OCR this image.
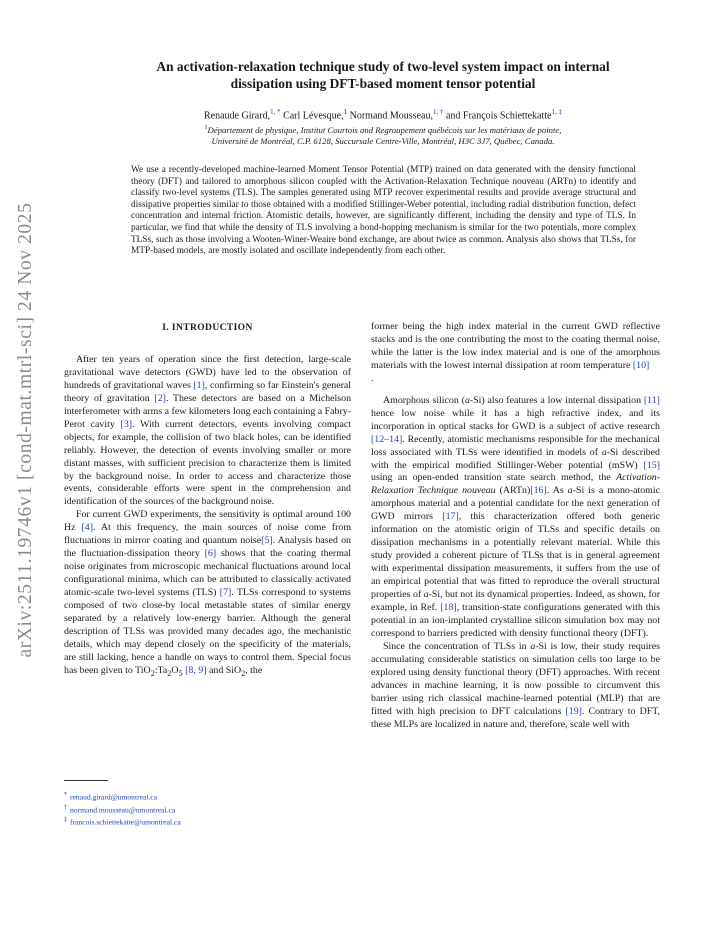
arXiv:2511.19746v1 [cond-mat.mtrl-sci] 24 Nov 2025
An activation-relaxation technique study of two-level system impact on internal
dissipation using DFT-based moment tensor potential
Renaude Girard,$^{1, *}$ Carl Lévesque,$^1$ Normand Mousseau,$^{1, \dagger}$ and François Schiettekatte$^{1, \ddagger}$
$^1$Département de physique, Institut Courtois and Regroupement québécois sur les matériaux de pointe,
Université de Montréal, C.P. 6128, Succursale Centre-Ville, Montréal, H3C 3J7, Québec, Canada.
We use a recently-developed machine-learned Moment Tensor Potential (MTP) trained on data generated with the density functional theory (DFT) and tailored to amorphous silicon coupled with the Activation-Relaxation Technique nouveau (ARTn) to identify and classify two-level systems (TLS). The samples generated using MTP recover experimental results and provide average structural and dissipative properties similar to those obtained with a modified Stillinger-Weber potential, including radial distribution function, defect concentration and internal friction. Atomistic details, however, are significantly different, including the density and type of TLS. In particular, we find that while the density of TLS involving a bond-hopping mechanism is similar for the two potentials, more complex TLSs, such as those involving a Wooten-Winer-Weaire bond exchange, are about twice as common. Analysis also shows that TLSs, for MTP-based models, are mostly isolated and oscillate independently from each other.
I. INTRODUCTION

After ten years of operation since the first detection, large-scale gravitational wave detectors (GWD) have led to the observation of hundreds of gravitational waves [1], confirming so far Einstein's general theory of gravitation [2]. These detectors are based on a Michelson interferometer with arms a few kilometers long each containing a Fabry-Perot cavity [3]. With current detectors, events involving compact objects, for example, the collision of two black holes, can be identified reliably. However, the detection of events involving smaller or more distant masses, with sufficient precision to characterize them is limited by the background noise. In order to access and characterize those events, considerable efforts were spent in the comprehension and identification of the sources of the background noise.

For current GWD experiments, the sensitivity is optimal around 100 Hz [4]. At this frequency, the main sources of noise come from fluctuations in mirror coating and quantum noise[5]. Analysis based on the fluctuation-dissipation theory [6] shows that the coating thermal noise originates from microscopic mechanical fluctuations around local configurational minima, which can be attributed to classically activated atomic-scale two-level systems (TLS) [7]. TLSs correspond to systems composed of two close-by local metastable states of similar energy separated by a relatively low-energy barrier. Although the general description of TLSs was provided many decades ago, the mechanistic details, which may depend closely on the specificity of the materials, are still lacking, hence a handle on ways to control them. Special focus has been given to $TiO_2:Ta_2O_5$ [8, 9] and SiO$_2$, the

former being the high index material in the current GWD reflective stacks and is the one contributing the most to the coating thermal noise, while the latter is the low index material and is one of the amorphous materials with the lowest internal dissipation at room temperature [10]
.

Amorphous silicon (a-Si) also features a low internal dissipation [11] hence low noise while it has a high refractive index, and its incorporation in optical stacks for GWD is a subject of active research [12–14]. Recently, atomistic mechanisms responsible for the mechanical loss associated with TLSs were identified in models of a-Si described with the empirical modified Stillinger-Weber potential (mSW) [15] using an open-ended transition state search method, the Activation-Relaxation Technique nouveau (ARTn)[16]. As a-Si is a mono-atomic amorphous material and a potential candidate for the next generation of GWD mirrors [17], this characterization offered both generic information on the atomistic origin of TLSs and specific details on dissipation mechanisms in a potentially relevant material. While this study provided a coherent picture of TLSs that is in general agreement with experimental dissipation measurements, it suffers from the use of an empirical potential that was fitted to reproduce the overall structural properties of a-Si, but not its dynamical properties. Indeed, as shown, for example, in Ref. [18], transition-state configurations generated with this potential in an ion-implanted crystalline silicon simulation box may not correspond to barriers predicted with density functional theory (DFT).

Since the concentration of TLSs in a-Si is low, their study requires accumulating considerable statistics on simulation cells too large to be explored using density functional theory (DFT) approaches. With recent advances in machine learning, it is now possible to circumvent this barrier using rich classical machine-learned potential (MLP) that are fitted with high precision to DFT calculations [19]. Contrary to DFT, these MLPs are localized in nature and, therefore, scale well with

* renaud.girard@umontreal.ca
† normand.mousseau@umontreal.ca
‡ francois.schiettekatte@umontreal.ca
